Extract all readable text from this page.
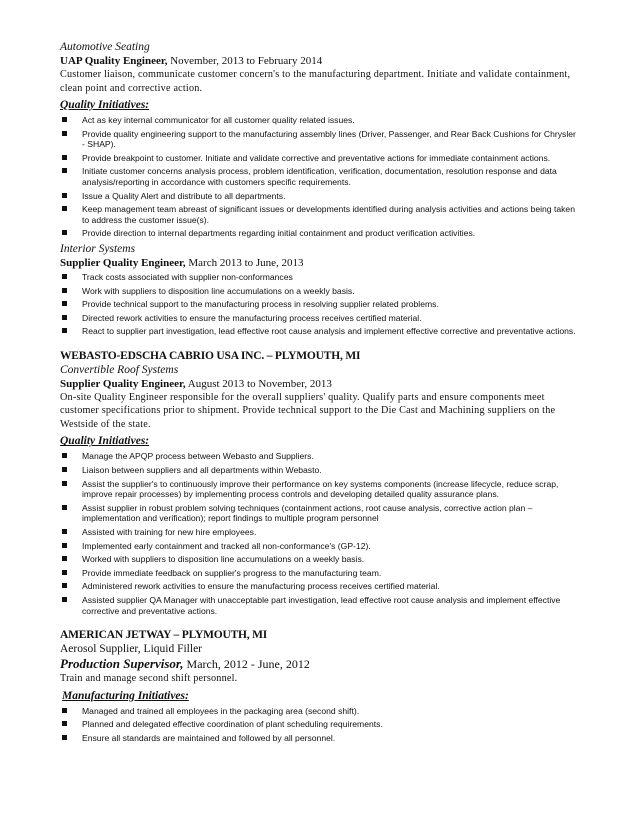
Automotive Seating
UAP Quality Engineer, November, 2013 to February 2014
Customer liaison, communicate customer concern's to the manufacturing department. Initiate and validate containment, clean point and corrective action.
Quality Initiatives:
Act as key internal communicator for all customer quality related issues.
Provide quality engineering support to the manufacturing assembly lines (Driver, Passenger, and Rear Back Cushions for Chrysler - SHAP).
Provide breakpoint to customer. Initiate and validate corrective and preventative actions for immediate containment actions.
Initiate customer concerns analysis process, problem identification, verification, documentation, resolution response and data analysis/reporting in accordance with customers specific requirements.
Issue a Quality Alert and distribute to all departments.
Keep management team abreast of significant issues or developments identified during analysis activities and actions being taken to address the customer issue(s).
Provide direction to internal departments regarding initial containment and product verification activities.
Interior Systems
Supplier Quality Engineer, March 2013 to June, 2013
Track costs associated with supplier non-conformances
Work with suppliers to disposition line accumulations on a weekly basis.
Provide technical support to the manufacturing process in resolving supplier related problems.
Directed rework activities to ensure the manufacturing process receives certified material.
React to supplier part investigation, lead effective root cause analysis and implement effective corrective and preventative actions.
WEBASTO-EDSCHA CABRIO USA INC. – PLYMOUTH, MI
Convertible Roof Systems
Supplier Quality Engineer, August 2013 to November, 2013
On-site Quality Engineer responsible for the overall suppliers' quality. Qualify parts and ensure components meet customer specifications prior to shipment. Provide technical support to the Die Cast and Machining suppliers on the Westside of the state.
Quality Initiatives:
Manage the APQP process between Webasto and Suppliers.
Liaison between suppliers and all departments within Webasto.
Assist the supplier's to continuously improve their performance on key systems components (increase lifecycle, reduce scrap, improve repair processes) by implementing process controls and developing detailed quality assurance plans.
Assist supplier in robust problem solving techniques (containment actions, root cause analysis, corrective action plan – implementation and verification); report findings to multiple program personnel
Assisted with training for new hire employees.
Implemented early containment and tracked all non-conformance's (GP-12).
Worked with suppliers to disposition line accumulations on a weekly basis.
Provide immediate feedback on supplier's progress to the manufacturing team.
Administered rework activities to ensure the manufacturing process receives certified material.
Assisted supplier QA Manager with unacceptable part investigation, lead effective root cause analysis and implement effective corrective and preventative actions.
AMERICAN JETWAY – PLYMOUTH, MI
Aerosol Supplier, Liquid Filler
Production Supervisor, March, 2012 - June, 2012
Train and manage second shift personnel.
Manufacturing Initiatives:
Managed and trained all employees in the packaging area (second shift).
Planned and delegated effective coordination of plant scheduling requirements.
Ensure all standards are maintained and followed by all personnel.
